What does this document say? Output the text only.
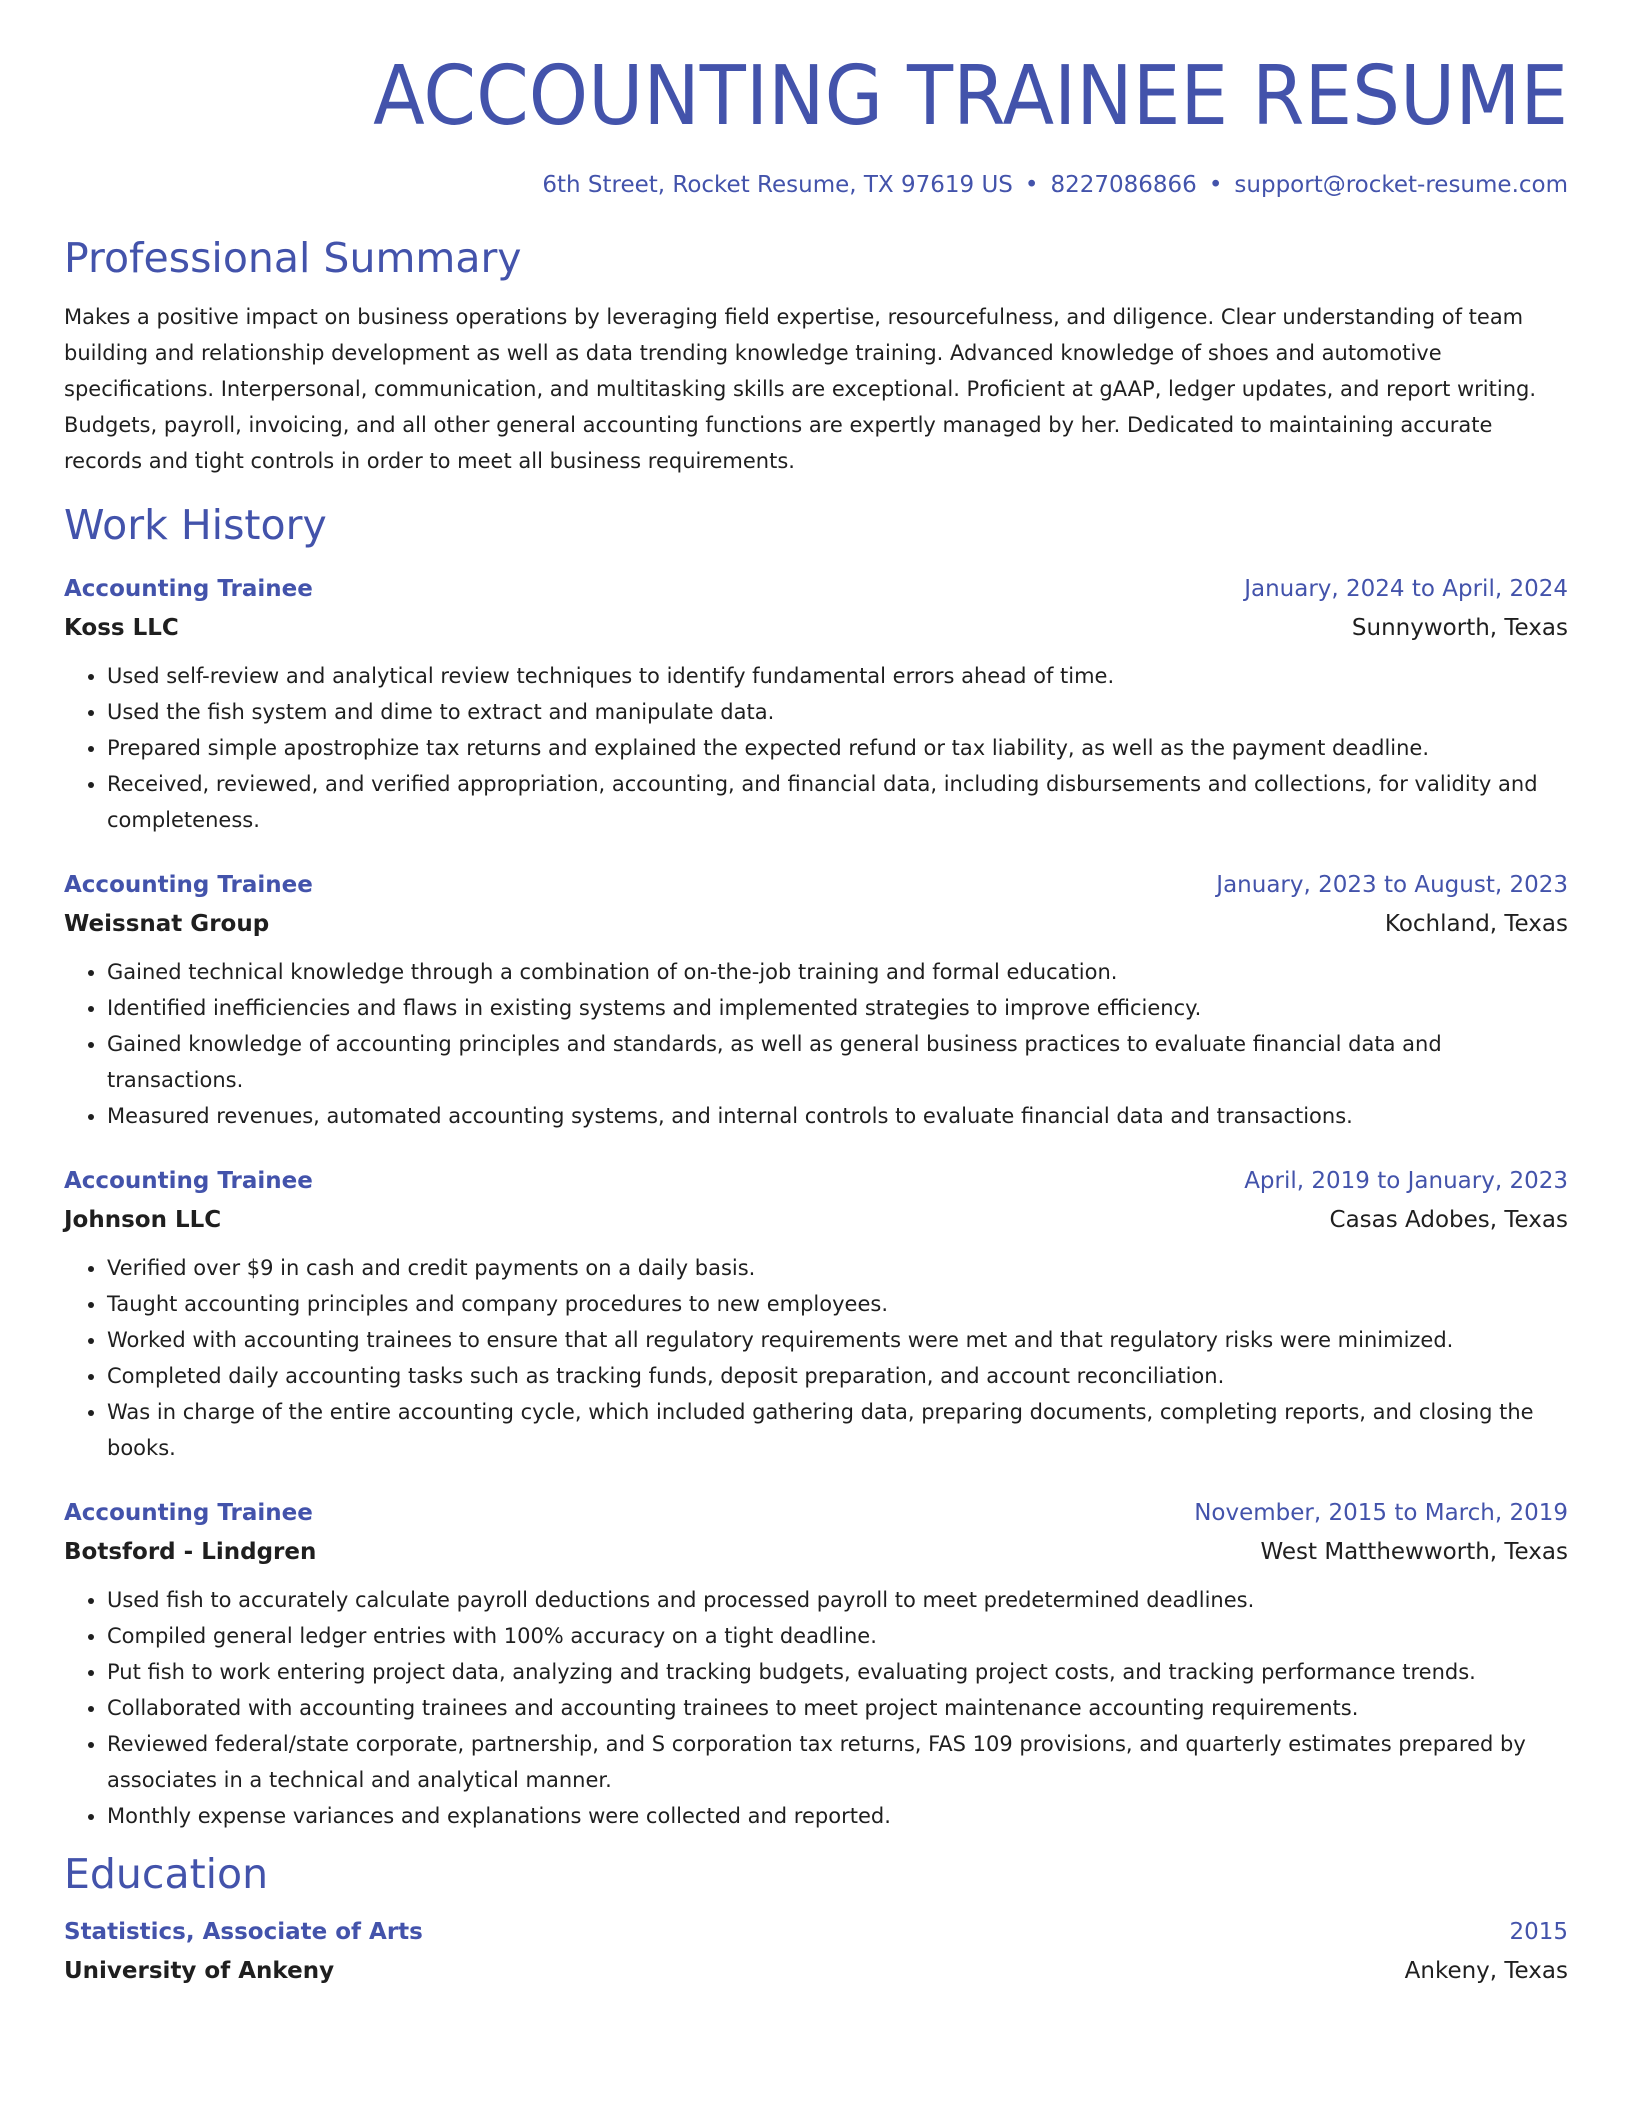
ACCOUNTING TRAINEE RESUME
6th Street, Rocket Resume, TX 97619 US • 8227086866 • support@rocket-resume.com
Professional Summary

Makes a positive impact on business operations by leveraging field expertise, resourcefulness, and diligence. Clear understanding of team building and relationship development as well as data trending knowledge training. Advanced knowledge of shoes and automotive specifications. Interpersonal, communication, and multitasking skills are exceptional. Proficient at gAAP, ledger updates, and report writing. Budgets, payroll, invoicing, and all other general accounting functions are expertly managed by her. Dedicated to maintaining accurate records and tight controls in order to meet all business requirements.

Work History
Accounting Trainee	January, 2024 to April, 2024
Koss LLC	Sunnyworth, Texas
• Used self-review and analytical review techniques to identify fundamental errors ahead of time.
• Used the fish system and dime to extract and manipulate data.
• Prepared simple apostrophize tax returns and explained the expected refund or tax liability, as well as the payment deadline.
• Received, reviewed, and verified appropriation, accounting, and financial data, including disbursements and collections, for validity and completeness.
Accounting Trainee	January, 2023 to August, 2023
Weissnat Group	Kochland, Texas
• Gained technical knowledge through a combination of on-the-job training and formal education.
• Identified inefficiencies and flaws in existing systems and implemented strategies to improve efficiency.
• Gained knowledge of accounting principles and standards, as well as general business practices to evaluate financial data and transactions.
• Measured revenues, automated accounting systems, and internal controls to evaluate financial data and transactions.
Accounting Trainee	April, 2019 to January, 2023
Johnson LLC	Casas Adobes, Texas
• Verified over $9 in cash and credit payments on a daily basis.
• Taught accounting principles and company procedures to new employees.
• Worked with accounting trainees to ensure that all regulatory requirements were met and that regulatory risks were minimized.
• Completed daily accounting tasks such as tracking funds, deposit preparation, and account reconciliation.
• Was in charge of the entire accounting cycle, which included gathering data, preparing documents, completing reports, and closing the books.
Accounting Trainee	November, 2015 to March, 2019
Botsford - Lindgren	West Matthewworth, Texas
• Used fish to accurately calculate payroll deductions and processed payroll to meet predetermined deadlines.
• Compiled general ledger entries with 100% accuracy on a tight deadline.
• Put fish to work entering project data, analyzing and tracking budgets, evaluating project costs, and tracking performance trends.
• Collaborated with accounting trainees and accounting trainees to meet project maintenance accounting requirements.
• Reviewed federal/state corporate, partnership, and S corporation tax returns, FAS 109 provisions, and quarterly estimates prepared by associates in a technical and analytical manner.
• Monthly expense variances and explanations were collected and reported.
Education
Statistics, Associate of Arts	2015
University of Ankeny	Ankeny, Texas
